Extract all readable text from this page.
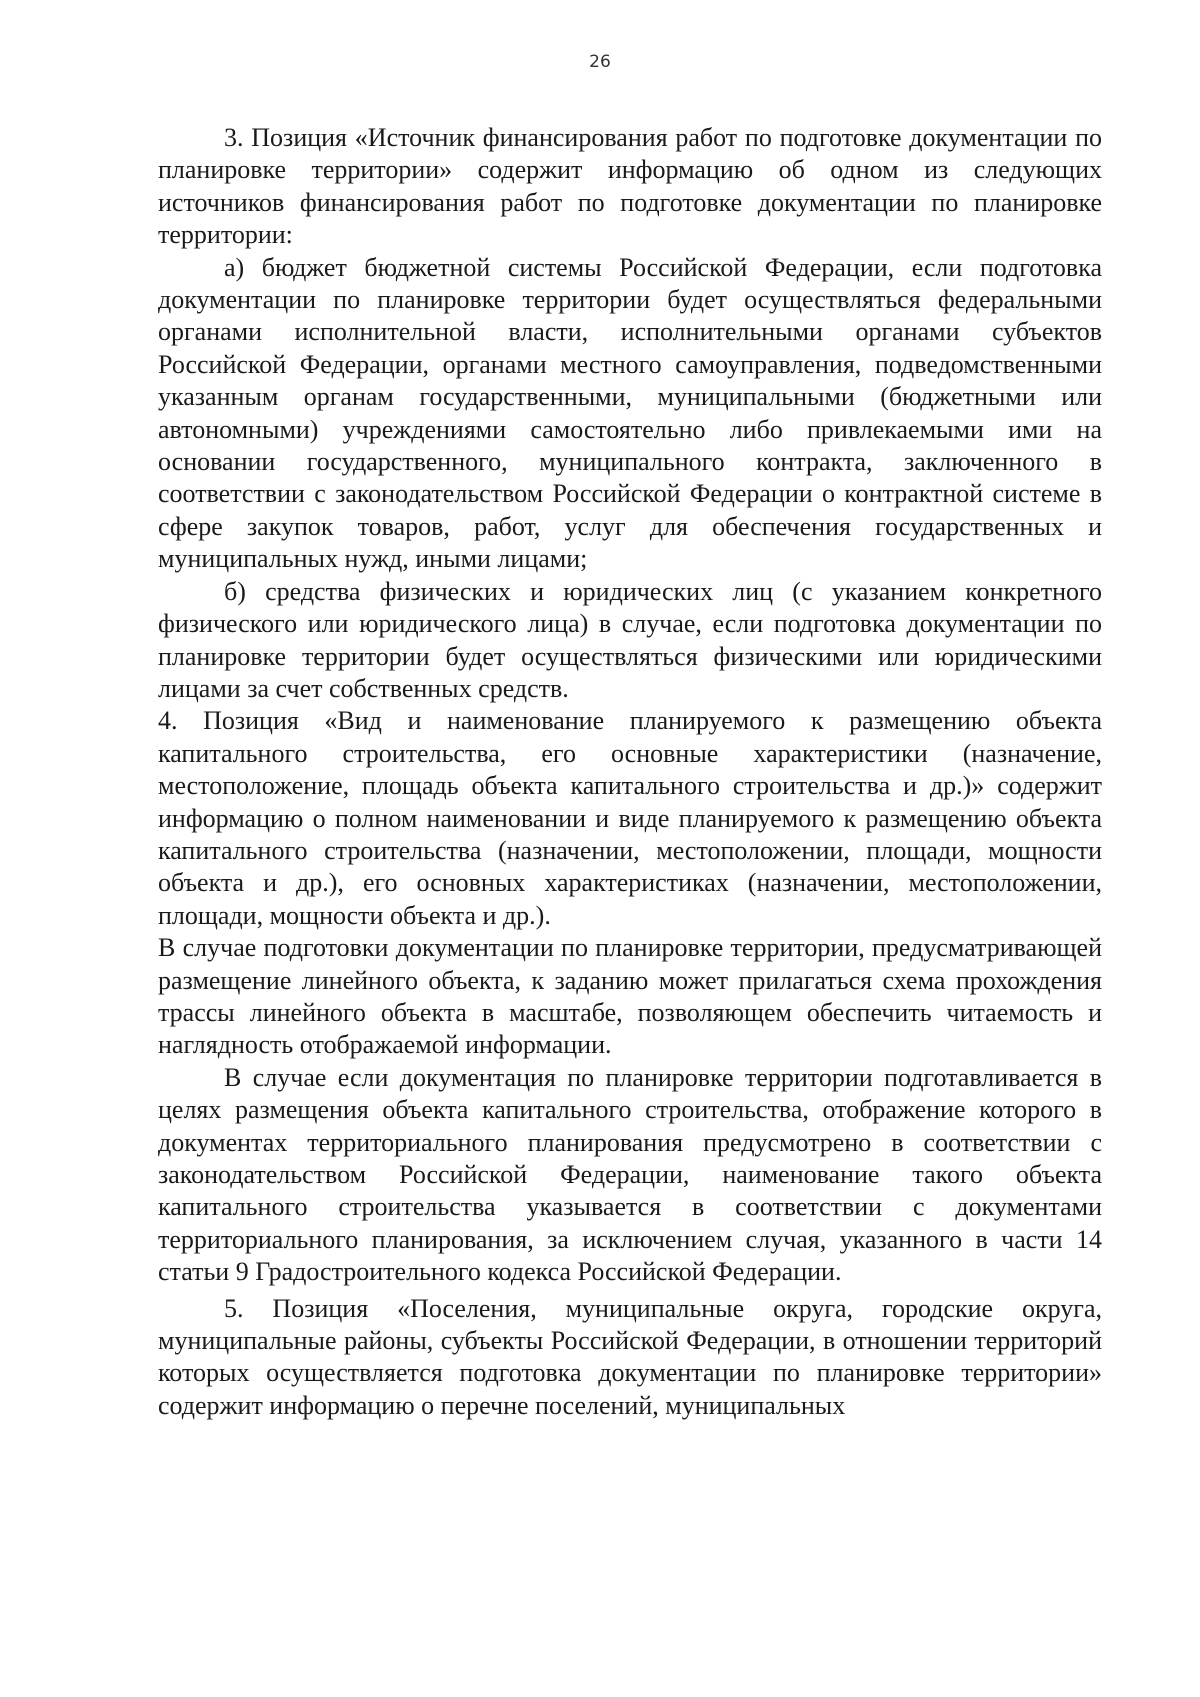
26

3. Позиция «Источник финансирования работ по подготовке документации по планировке территории» содержит информацию об одном из следующих источников финансирования работ по подготовке документации по планировке территории:

а) бюджет бюджетной системы Российской Федерации, если подготовка документации по планировке территории будет осуществляться федеральными органами исполнительной власти, исполнительными органами субъектов Российской Федерации, органами местного самоуправления, подведомственными указанным органам государственными, муниципальными (бюджетными или автономными) учреждениями самостоятельно либо привлекаемыми ими на основании государственного, муниципального контракта, заключенного в соответствии с законодательством Российской Федерации о контрактной системе в сфере закупок товаров, работ, услуг для обеспечения государственных и муниципальных нужд, иными лицами;

б) средства физических и юридических лиц (с указанием конкретного физического или юридического лица) в случае, если подготовка документации по планировке территории будет осуществляться физическими или юридическими лицами за счет собственных средств.

4. Позиция «Вид и наименование планируемого к размещению объекта капитального строительства, его основные характеристики (назначение, местоположение, площадь объекта капитального строительства и др.)» содержит информацию о полном наименовании и виде планируемого к размещению объекта капитального строительства (назначении, местоположении, площади, мощности объекта и др.), его основных характеристиках (назначении, местоположении, площади, мощности объекта и др.).

В случае подготовки документации по планировке территории, предусматривающей размещение линейного объекта, к заданию может прилагаться схема прохождения трассы линейного объекта в масштабе, позволяющем обеспечить читаемость и наглядность отображаемой информации.

В случае если документация по планировке территории подготавливается в целях размещения объекта капитального строительства, отображение которого в документах территориального планирования предусмотрено в соответствии с законодательством Российской Федерации, наименование такого объекта капитального строительства указывается в соответствии с документами территориального планирования, за исключением случая, указанного в части 14 статьи 9 Градостроительного кодекса Российской Федерации.

5. Позиция «Поселения, муниципальные округа, городские округа, муниципальные районы, субъекты Российской Федерации, в отношении территорий которых осуществляется подготовка документации по планировке территории» содержит информацию о перечне поселений, муниципальных
